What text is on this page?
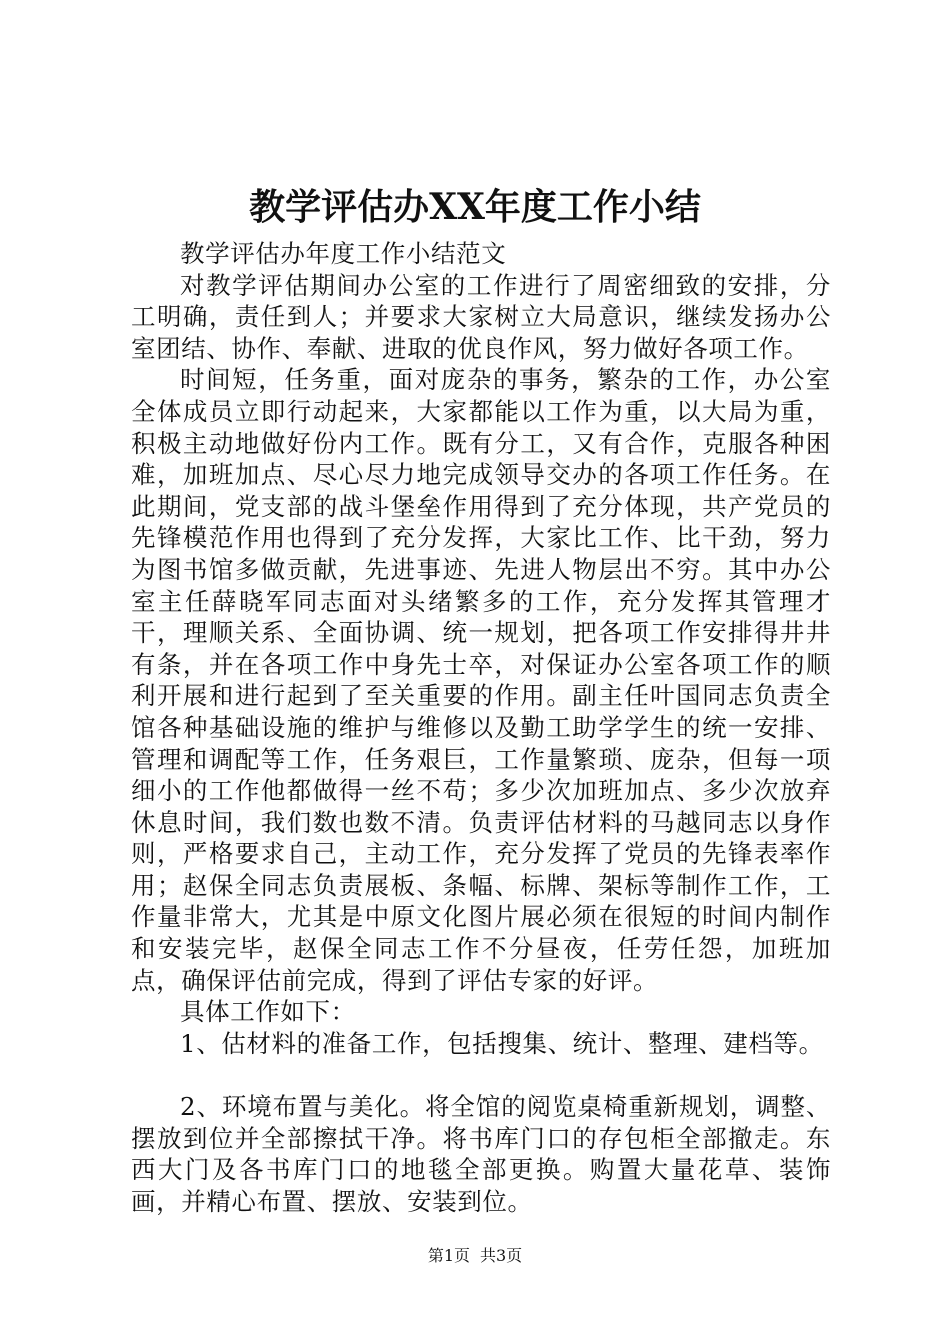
教学评估办XX年度工作小结

教学评估办年度工作小结范文

对教学评估期间办公室的工作进行了周密细致的安排，分工明确，责任到人；并要求大家树立大局意识，继续发扬办公室团结、协作、奉献、进取的优良作风，努力做好各项工作。

时间短，任务重，面对庞杂的事务，繁杂的工作，办公室全体成员立即行动起来，大家都能以工作为重，以大局为重，积极主动地做好份内工作。既有分工，又有合作，克服各种困难，加班加点、尽心尽力地完成领导交办的各项工作任务。在此期间，党支部的战斗堡垒作用得到了充分体现，共产党员的先锋模范作用也得到了充分发挥，大家比工作、比干劲，努力为图书馆多做贡献，先进事迹、先进人物层出不穷。其中办公室主任薛晓军同志面对头绪繁多的工作，充分发挥其管理才干，理顺关系、全面协调、统一规划，把各项工作安排得井井有条，并在各项工作中身先士卒，对保证办公室各项工作的顺利开展和进行起到了至关重要的作用。副主任叶国同志负责全馆各种基础设施的维护与维修以及勤工助学学生的统一安排、管理和调配等工作，任务艰巨，工作量繁琐、庞杂，但每一项细小的工作他都做得一丝不苟；多少次加班加点、多少次放弃休息时间，我们数也数不清。负责评估材料的马越同志以身作则，严格要求自己，主动工作，充分发挥了党员的先锋表率作用；赵保全同志负责展板、条幅、标牌、架标等制作工作，工作量非常大，尤其是中原文化图片展必须在很短的时间内制作和安装完毕，赵保全同志工作不分昼夜，任劳任怨，加班加点，确保评估前完成，得到了评估专家的好评。

具体工作如下：

1、估材料的准备工作，包括搜集、统计、整理、建档等。

2、环境布置与美化。将全馆的阅览桌椅重新规划，调整、摆放到位并全部擦拭干净。将书库门口的存包柜全部撤走。东西大门及各书库门口的地毯全部更换。购置大量花草、装饰画，并精心布置、摆放、安装到位。

第1页 共3页
